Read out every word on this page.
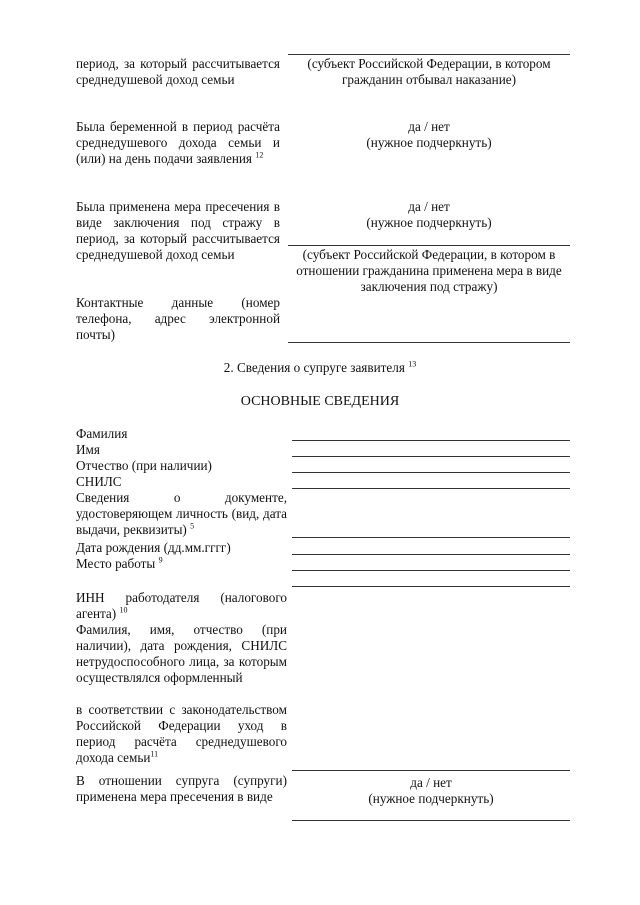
период, за который рассчитывается среднедушевой доход семьи
(субъект Российской Федерации, в котором гражданин отбывал наказание)
Была беременной в период расчёта среднедушевого дохода семьи и (или) на день подачи заявления $^{12}$
да / нет
(нужное подчеркнуть)
Была применена мера пресечения в виде заключения под стражу в период, за который рассчитывается среднедушевой доход семьи
да / нет
(нужное подчеркнуть)
(субъект Российской Федерации, в котором в отношении гражданина применена мера в виде заключения под стражу)
Контактные данные (номер телефона, адрес электронной почты)
2. Сведения о супруге заявителя $^{13}$
ОСНОВНЫЕ СВЕДЕНИЯ
Фамилия
Имя
Отчество (при наличии)
СНИЛС
Сведения о документе, удостоверяющем личность (вид, дата выдачи, реквизиты) $^5$
Дата рождения (дд.мм.гггг)
Место работы $^9$
ИНН работодателя (налогового агента) $^{10}$
Фамилия, имя, отчество (при наличии), дата рождения, СНИЛС нетрудоспособного лица, за которым осуществлялся оформленный
в соответствии с законодательством Российской Федерации уход в период расчёта среднедушевого дохода семьи$^{11}$
В отношении супруга (супруги) применена мера пресечения в виде
да / нет
(нужное подчеркнуть)
